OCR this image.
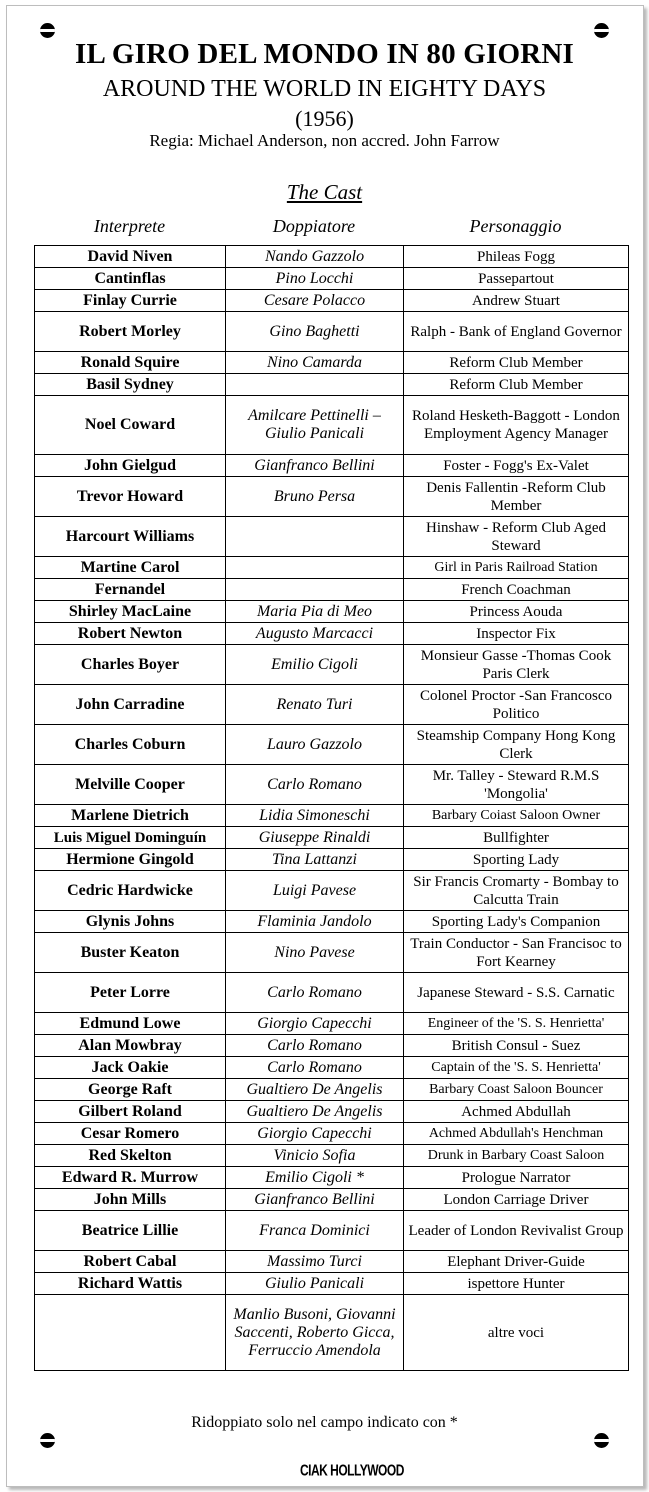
IL GIRO DEL MONDO IN 80 GIORNI
AROUND THE WORLD IN EIGHTY DAYS
(1956)
Regia: Michael Anderson, non accred. John Farrow
The Cast
Interprete	Doppiatore	Personaggio
David Niven	Nando Gazzolo	Phileas Fogg
Cantinflas	Pino Locchi	Passepartout
Finlay Currie	Cesare Polacco	Andrew Stuart
Robert Morley	Gino Baghetti	Ralph - Bank of England Governor
Ronald Squire	Nino Camarda	Reform Club Member
Basil Sydney		Reform Club Member
Noel Coward	Amilcare Pettinelli – Giulio Panicali	Roland Hesketh-Baggott - London Employment Agency Manager
John Gielgud	Gianfranco Bellini	Foster - Fogg's Ex-Valet
Trevor Howard	Bruno Persa	Denis Fallentin -Reform Club Member
Harcourt Williams		Hinshaw - Reform Club Aged Steward
Martine Carol		Girl in Paris Railroad Station
Fernandel		French Coachman
Shirley MacLaine	Maria Pia di Meo	Princess Aouda
Robert Newton	Augusto Marcacci	Inspector Fix
Charles Boyer	Emilio Cigoli	Monsieur Gasse -Thomas Cook Paris Clerk
John Carradine	Renato Turi	Colonel Proctor -San Francosco Politico
Charles Coburn	Lauro Gazzolo	Steamship Company Hong Kong Clerk
Melville Cooper	Carlo Romano	Mr. Talley - Steward R.M.S 'Mongolia'
Marlene Dietrich	Lidia Simoneschi	Barbary Coiast Saloon Owner
Luis Miguel Dominguín	Giuseppe Rinaldi	Bullfighter
Hermione Gingold	Tina Lattanzi	Sporting Lady
Cedric Hardwicke	Luigi Pavese	Sir Francis Cromarty - Bombay to Calcutta Train
Glynis Johns	Flaminia Jandolo	Sporting Lady's Companion
Buster Keaton	Nino Pavese	Train Conductor - San Francisoc to Fort Kearney
Peter Lorre	Carlo Romano	Japanese Steward - S.S. Carnatic
Edmund Lowe	Giorgio Capecchi	Engineer of the 'S. S. Henrietta'
Alan Mowbray	Carlo Romano	British Consul - Suez
Jack Oakie	Carlo Romano	Captain of the 'S. S. Henrietta'
George Raft	Gualtiero De Angelis	Barbary Coast Saloon Bouncer
Gilbert Roland	Gualtiero De Angelis	Achmed Abdullah
Cesar Romero	Giorgio Capecchi	Achmed Abdullah's Henchman
Red Skelton	Vinicio Sofia	Drunk in Barbary Coast Saloon
Edward R. Murrow	Emilio Cigoli *	Prologue Narrator
John Mills	Gianfranco Bellini	London Carriage Driver
Beatrice Lillie	Franca Dominici	Leader of London Revivalist Group
Robert Cabal	Massimo Turci	Elephant Driver-Guide
Richard Wattis	Giulio Panicali	ispettore Hunter
	Manlio Busoni, Giovanni Saccenti, Roberto Gicca, Ferruccio Amendola	altre voci
Ridoppiato solo nel campo indicato con *
CIAK HOLLYWOOD
